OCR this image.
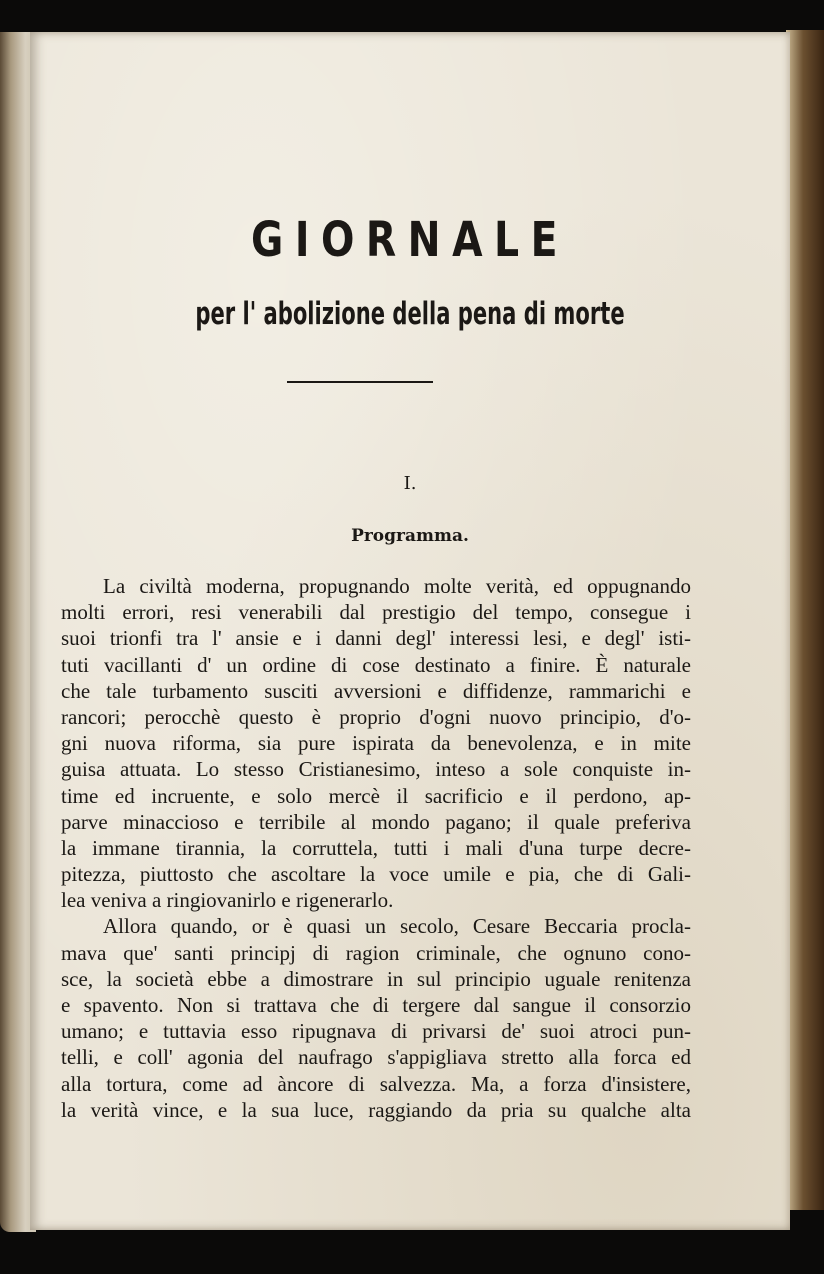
GIORNALE
per l' abolizione della pena di morte
I.
Programma.
La civiltà moderna, propugnando molte verità, ed oppugnando
molti errori, resi venerabili dal prestigio del tempo, consegue i
suoi trionfi tra l' ansie e i danni degl' interessi lesi, e degl' isti-
tuti vacillanti d' un ordine di cose destinato a finire. È naturale
che tale turbamento susciti avversioni e diffidenze, rammarichi e
rancori; perocchè questo è proprio d'ogni nuovo principio, d'o-
gni nuova riforma, sia pure ispirata da benevolenza, e in mite
guisa attuata. Lo stesso Cristianesimo, inteso a sole conquiste in-
time ed incruente, e solo mercè il sacrificio e il perdono, ap-
parve minaccioso e terribile al mondo pagano; il quale preferiva
la immane tirannia, la corruttela, tutti i mali d'una turpe decre-
pitezza, piuttosto che ascoltare la voce umile e pia, che di Gali-
lea veniva a ringiovanirlo e rigenerarlo.
Allora quando, or è quasi un secolo, Cesare Beccaria procla-
mava que' santi principj di ragion criminale, che ognuno cono-
sce, la società ebbe a dimostrare in sul principio uguale renitenza
e spavento. Non si trattava che di tergere dal sangue il consorzio
umano; e tuttavia esso ripugnava di privarsi de' suoi atroci pun-
telli, e coll' agonia del naufrago s'appigliava stretto alla forca ed
alla tortura, come ad àncore di salvezza. Ma, a forza d'insistere,
la verità vince, e la sua luce, raggiando da pria su qualche alta
